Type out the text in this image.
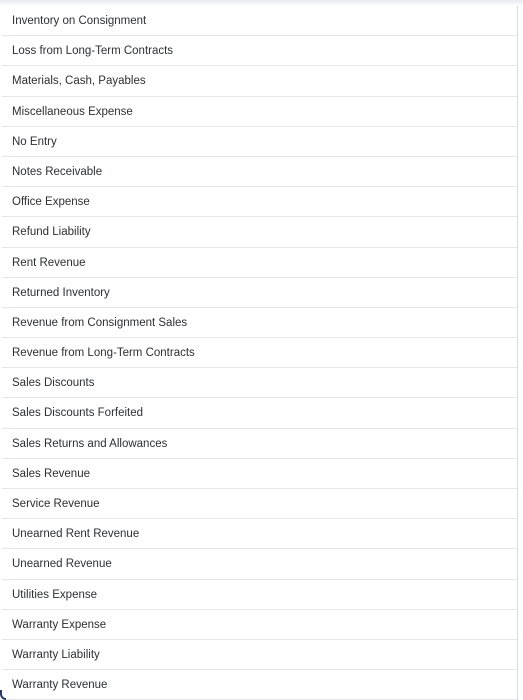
Inventory on Consignment
Loss from Long-Term Contracts
Materials, Cash, Payables
Miscellaneous Expense
No Entry
Notes Receivable
Office Expense
Refund Liability
Rent Revenue
Returned Inventory
Revenue from Consignment Sales
Revenue from Long-Term Contracts
Sales Discounts
Sales Discounts Forfeited
Sales Returns and Allowances
Sales Revenue
Service Revenue
Unearned Rent Revenue
Unearned Revenue
Utilities Expense
Warranty Expense
Warranty Liability
Warranty Revenue
